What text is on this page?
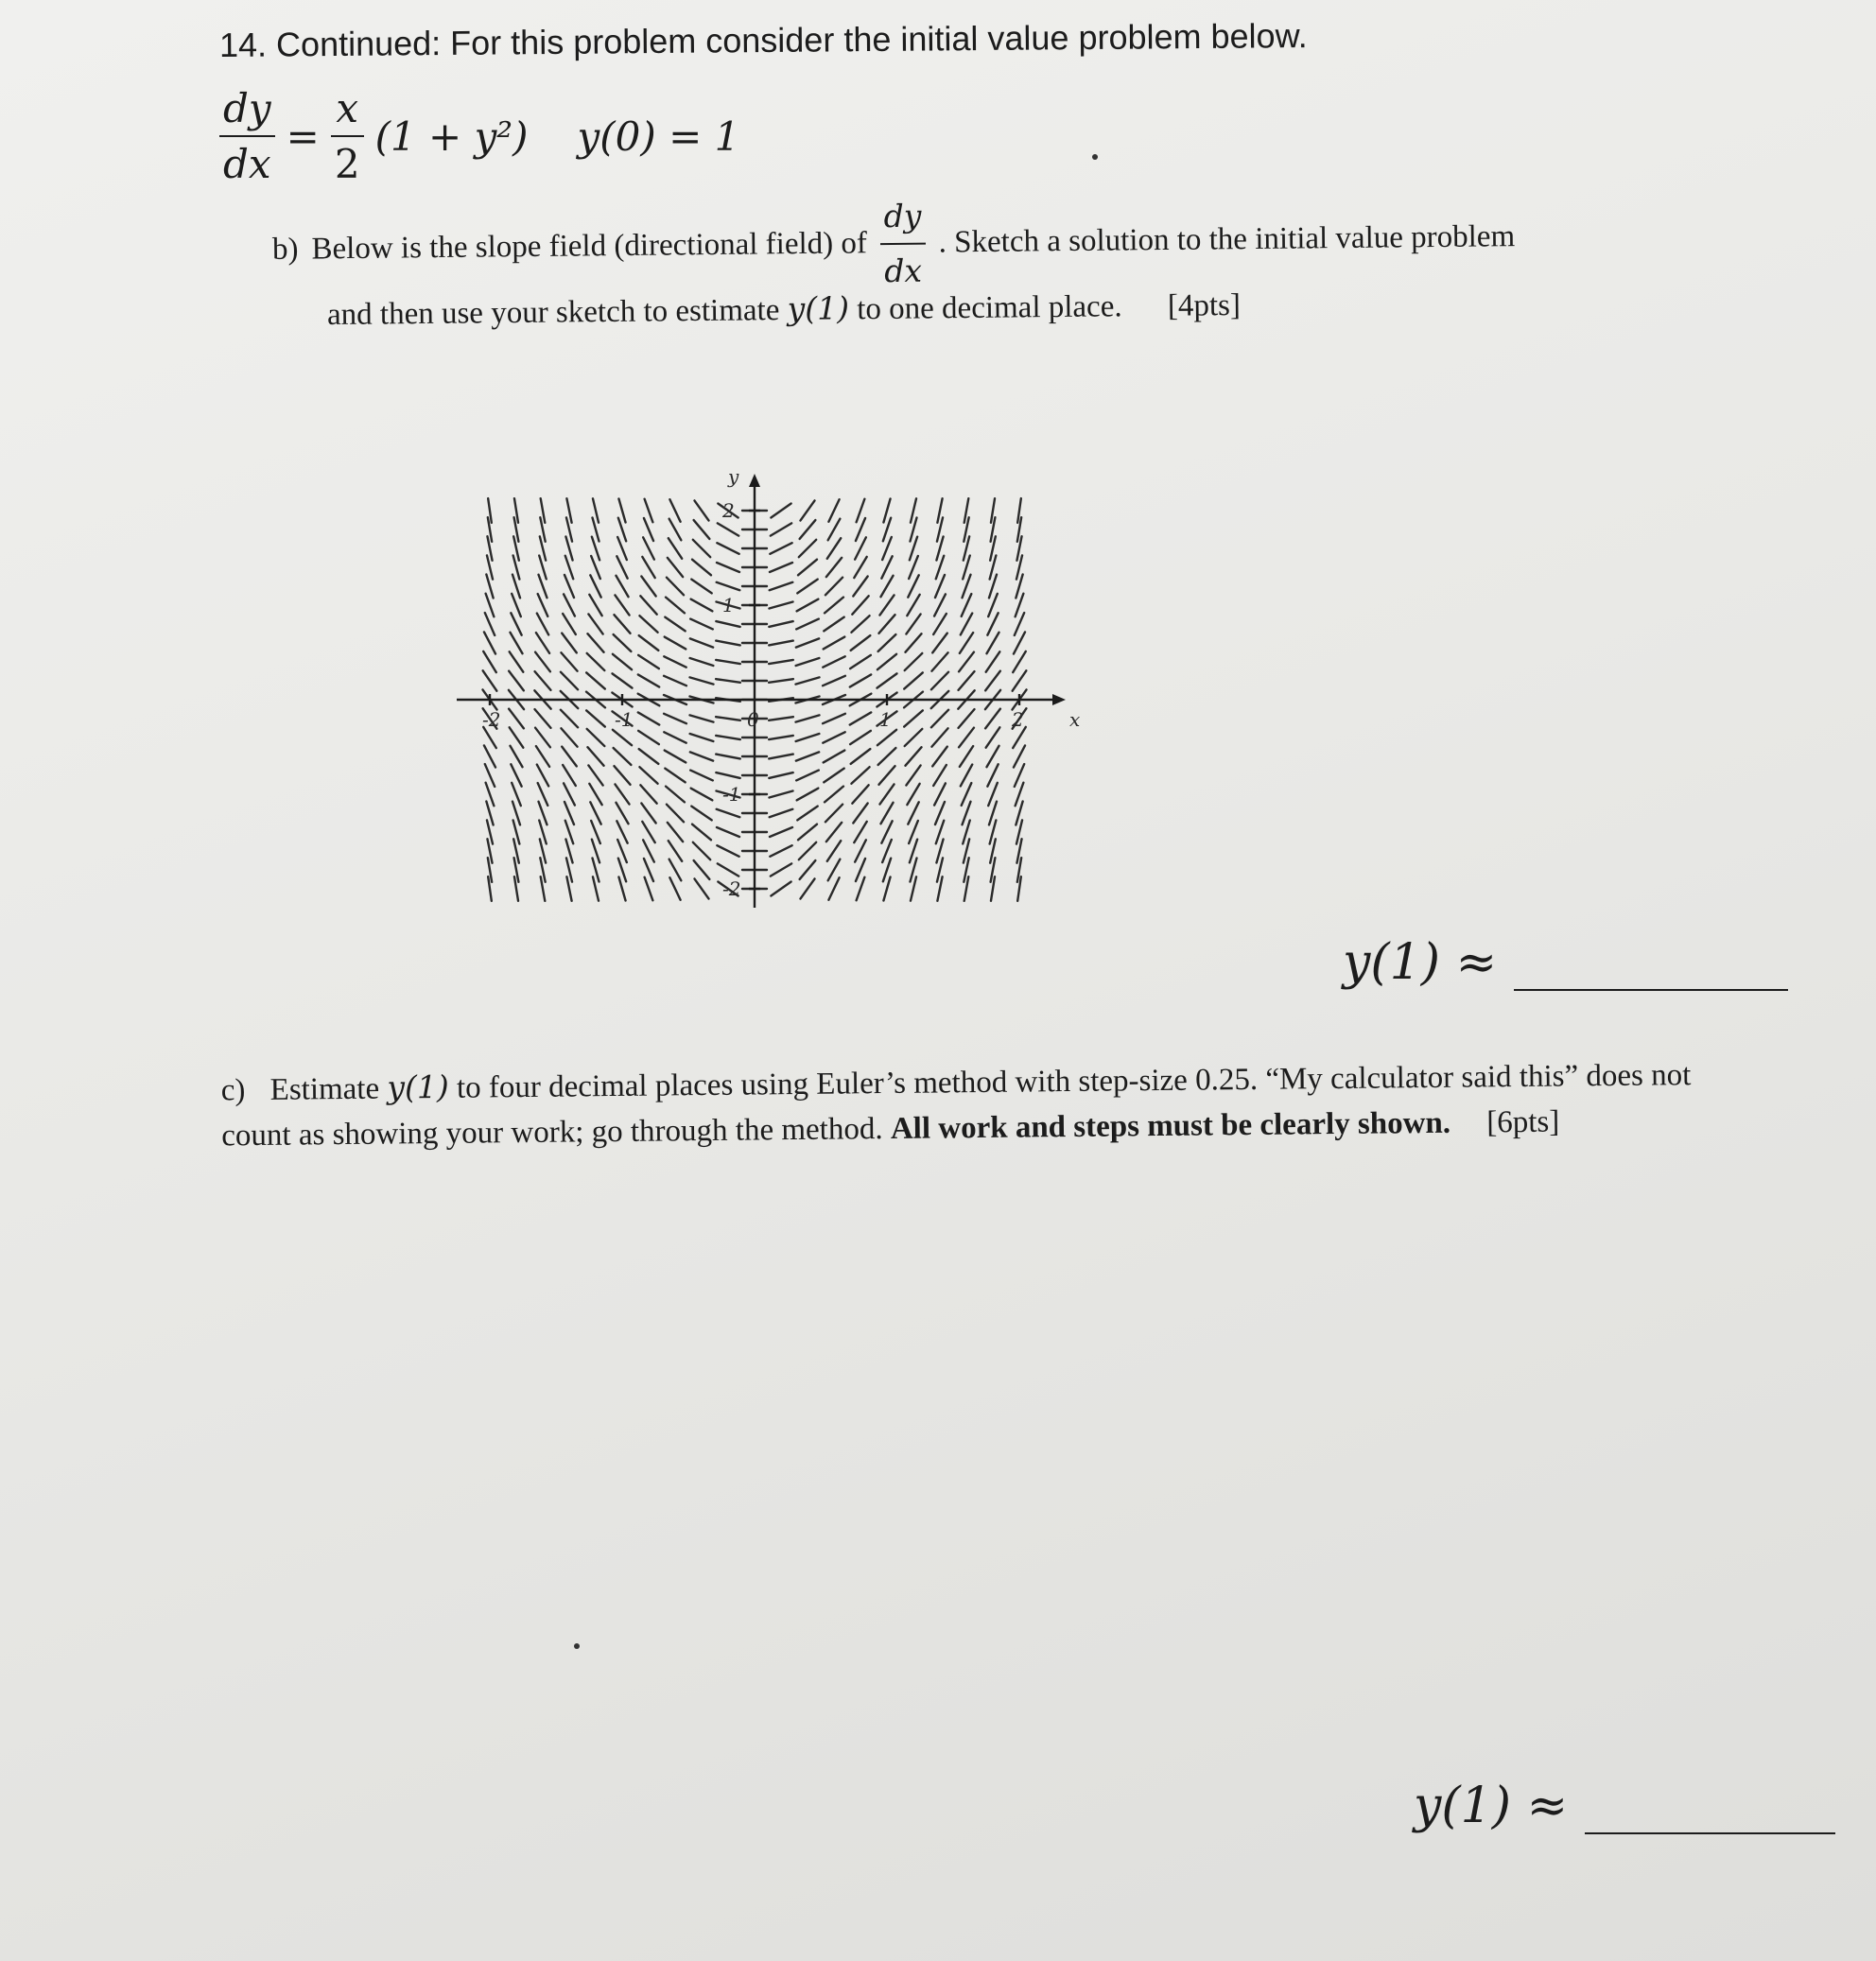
14. Continued: For this problem consider the initial value problem below.
$\frac{dy}{dx} = \frac{x}{2} (1 + y^2) y(0) = 1$
b) Below is the slope field (directional field) of $\frac{dy}{dx}$ . Sketch a solution to the initial value problem
and then use your sketch to estimate y(1) to one decimal place. [4pts]
-2	-1	0	1	2
2
1
-1
-2
x
y
y(1) ≈
c) Estimate y(1) to four decimal places using Euler’s method with step-size 0.25. “My calculator said this” does not count as showing your work; go through the method. All work and steps must be clearly shown. [6pts]
y(1) ≈
